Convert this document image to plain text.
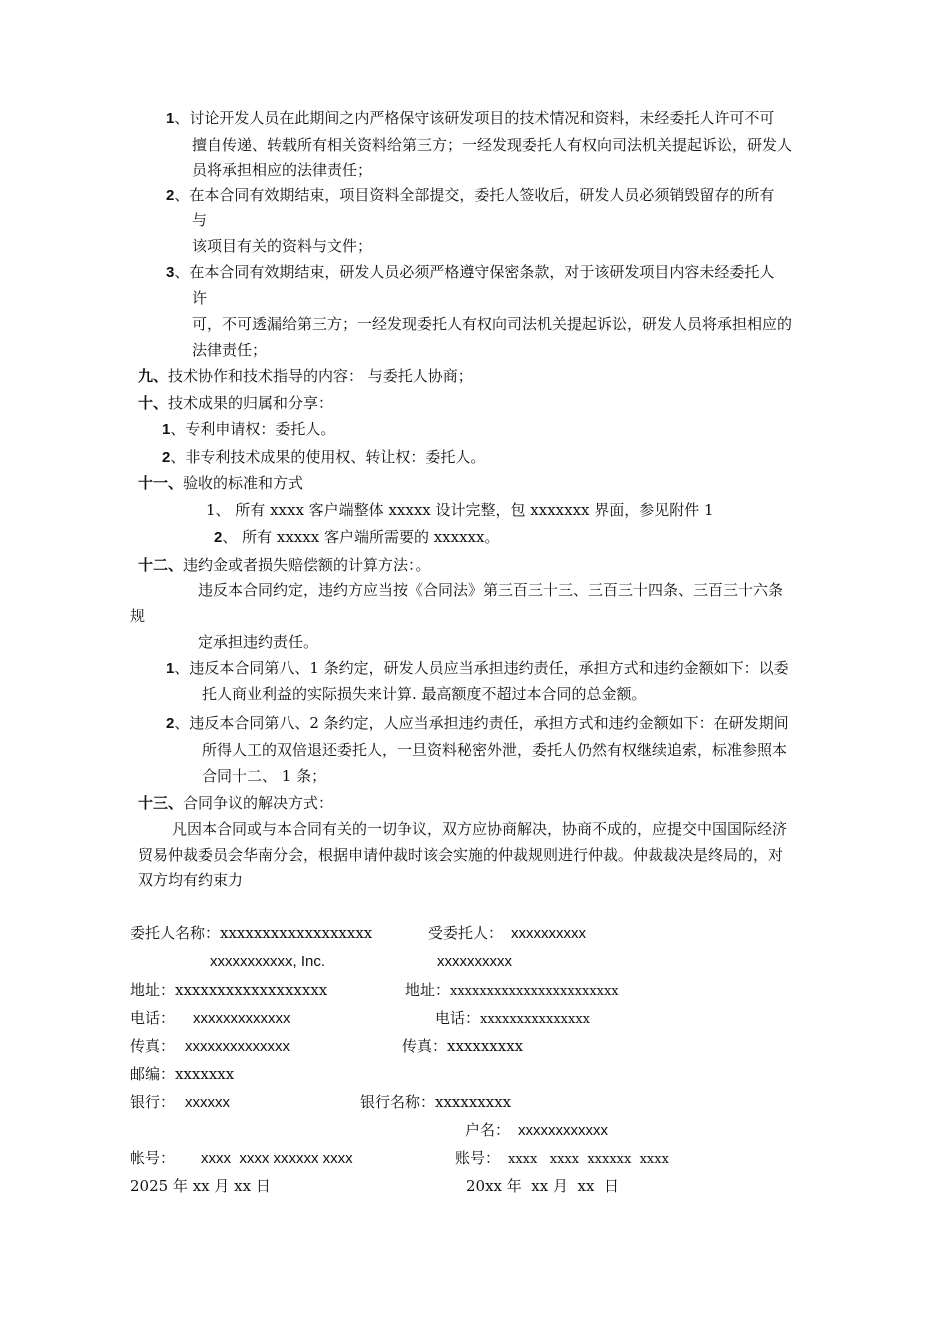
1、讨论开发人员在此期间之内严格保守该研发项目的技术情况和资料，未经委托人许可不可
擅自传递、转载所有相关资料给第三方；一经发现委托人有权向司法机关提起诉讼，研发人
员将承担相应的法律责任；
2、在本合同有效期结束，项目资料全部提交，委托人签收后，研发人员必须销毁留存的所有
与
该项目有关的资料与文件；
3、在本合同有效期结束，研发人员必须严格遵守保密条款，对于该研发项目内容未经委托人
许
可，不可透漏给第三方；一经发现委托人有权向司法机关提起诉讼，研发人员将承担相应的
法律责任；
九、技术协作和技术指导的内容： 与委托人协商；
十、技术成果的归属和分享：
1、专利申请权：委托人。
2、非专利技术成果的使用权、转让权：委托人。
十一、验收的标准和方式
1、 所有 xxxx 客户端整体 xxxxx 设计完整，包 xxxxxxx 界面，参见附件 1
2、 所有 xxxxx 客户端所需要的 xxxxxx。
十二、违约金或者损失赔偿额的计算方法：。
违反本合同约定，违约方应当按《合同法》第三百三十三、三百三十四条、三百三十六条
规
定承担违约责任。
1、违反本合同第八、1 条约定，研发人员应当承担违约责任，承担方式和违约金额如下：以委
托人商业利益的实际损失来计算. 最高额度不超过本合同的总金额。
2、违反本合同第八、2 条约定，人应当承担违约责任，承担方式和违约金额如下：在研发期间
所得人工的双倍退还委托人，一旦资料秘密外泄，委托人仍然有权继续追索，标准参照本
合同十二、 1 条；
十三、合同争议的解决方式：
凡因本合同或与本合同有关的一切争议，双方应协商解决，协商不成的，应提交中国国际经济
贸易仲裁委员会华南分会，根据申请仲裁时该会实施的仲裁规则进行仲裁。仲裁裁决是终局的，对
双方均有约束力
委托人名称：xxxxxxxxxxxxxxxxxx	受委托人： xxxxxxxxxx
xxxxxxxxxxx, Inc.	xxxxxxxxxx
地址：xxxxxxxxxxxxxxxxxx	地址：xxxxxxxxxxxxxxxxxxxxxxx
电话： xxxxxxxxxxxxx	电话：xxxxxxxxxxxxxxx
传真： xxxxxxxxxxxxxx	传真：xxxxxxxxx
邮编：xxxxxxx
银行： xxxxxx	银行名称：xxxxxxxxx
户名： xxxxxxxxxxxx
帐号： xxxx  xxxx xxxxxx xxxx	账号： xxxx   xxxx  xxxxxx  xxxx
2025 年 xx 月 xx 日	20xx 年  xx 月  xx  日
